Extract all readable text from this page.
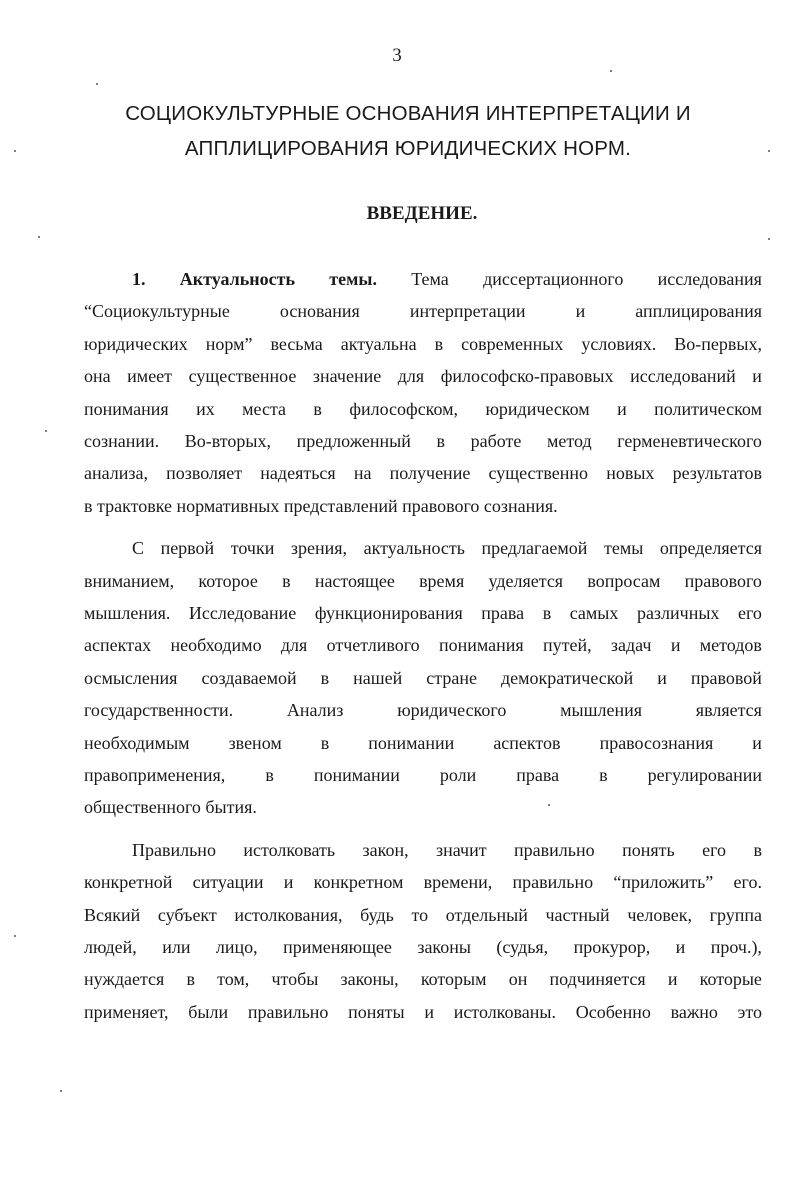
3
СОЦИОКУЛЬТУРНЫЕ ОСНОВАНИЯ ИНТЕРПРЕТАЦИИ И
АППЛИЦИРОВАНИЯ ЮРИДИЧЕСКИХ НОРМ.
ВВЕДЕНИЕ.
1. Актуальность темы. Тема диссертационного исследования
“Социокультурные	основания	интерпретации	и	апплицирования
юридических норм” весьма актуальна в современных условиях. Во-первых,
она имеет существенное значение для философско-правовых исследований и
понимания их места в философском, юридическом и политическом
сознании. Во-вторых, предложенный в работе метод герменевтического
анализа, позволяет надеяться на получение существенно новых результатов
в трактовке нормативных представлений правового сознания.
С первой точки зрения, актуальность предлагаемой темы определяется
вниманием, которое в настоящее время уделяется вопросам правового
мышления. Исследование функционирования права в самых различных его
аспектах необходимо для отчетливого понимания путей, задач и методов
осмысления создаваемой в нашей стране демократической и правовой
государственности.	Анализ	юридического	мышления	является
необходимым звеном в понимании аспектов правосознания и
правоприменения, в понимании роли права в регулировании
общественного бытия.
Правильно истолковать закон, значит правильно понять его в
конкретной ситуации и конкретном времени, правильно “приложить” его.
Всякий субъект истолкования, будь то отдельный частный человек, группа
людей, или лицо, применяющее законы (судья, прокурор, и проч.),
нуждается в том, чтобы законы, которым он подчиняется и которые
применяет, были правильно поняты и истолкованы. Особенно важно это
